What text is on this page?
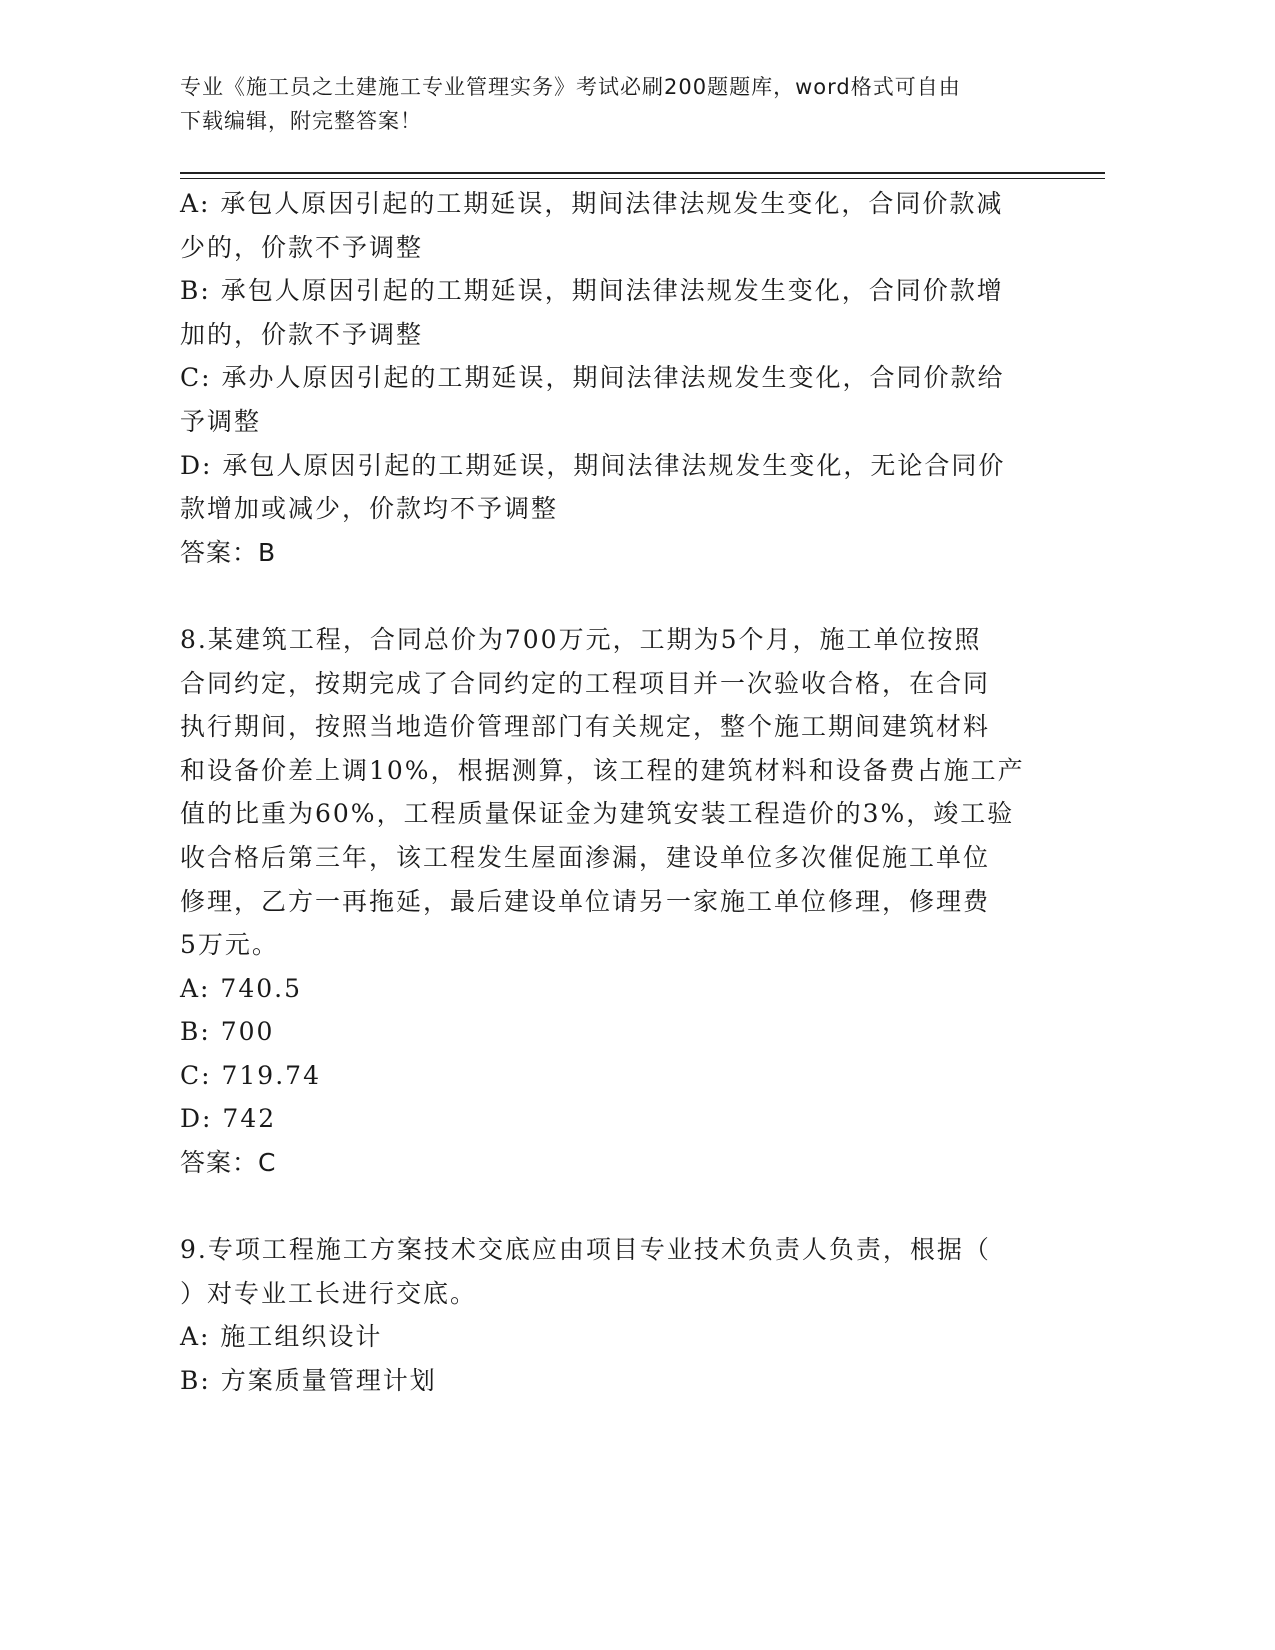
专业《施工员之土建施工专业管理实务》考试必刷200题题库，word格式可自由
下载编辑，附完整答案！
A: 承包人原因引起的工期延误，期间法律法规发生变化，合同价款减
少的，价款不予调整
B: 承包人原因引起的工期延误，期间法律法规发生变化，合同价款增
加的，价款不予调整
C: 承办人原因引起的工期延误，期间法律法规发生变化，合同价款给
予调整
D: 承包人原因引起的工期延误，期间法律法规发生变化，无论合同价
款增加或减少，价款均不予调整
答案：B
8.某建筑工程，合同总价为700万元，工期为5个月，施工单位按照
合同约定，按期完成了合同约定的工程项目并一次验收合格，在合同
执行期间，按照当地造价管理部门有关规定，整个施工期间建筑材料
和设备价差上调10%，根据测算，该工程的建筑材料和设备费占施工产
值的比重为60%，工程质量保证金为建筑安装工程造价的3%，竣工验
收合格后第三年，该工程发生屋面渗漏，建设单位多次催促施工单位
修理，乙方一再拖延，最后建设单位请另一家施工单位修理，修理费
5万元。
A: 740.5
B: 700
C: 719.74
D: 742
答案：C
9.专项工程施工方案技术交底应由项目专业技术负责人负责，根据（
）对专业工长进行交底。
A: 施工组织设计
B: 方案质量管理计划
